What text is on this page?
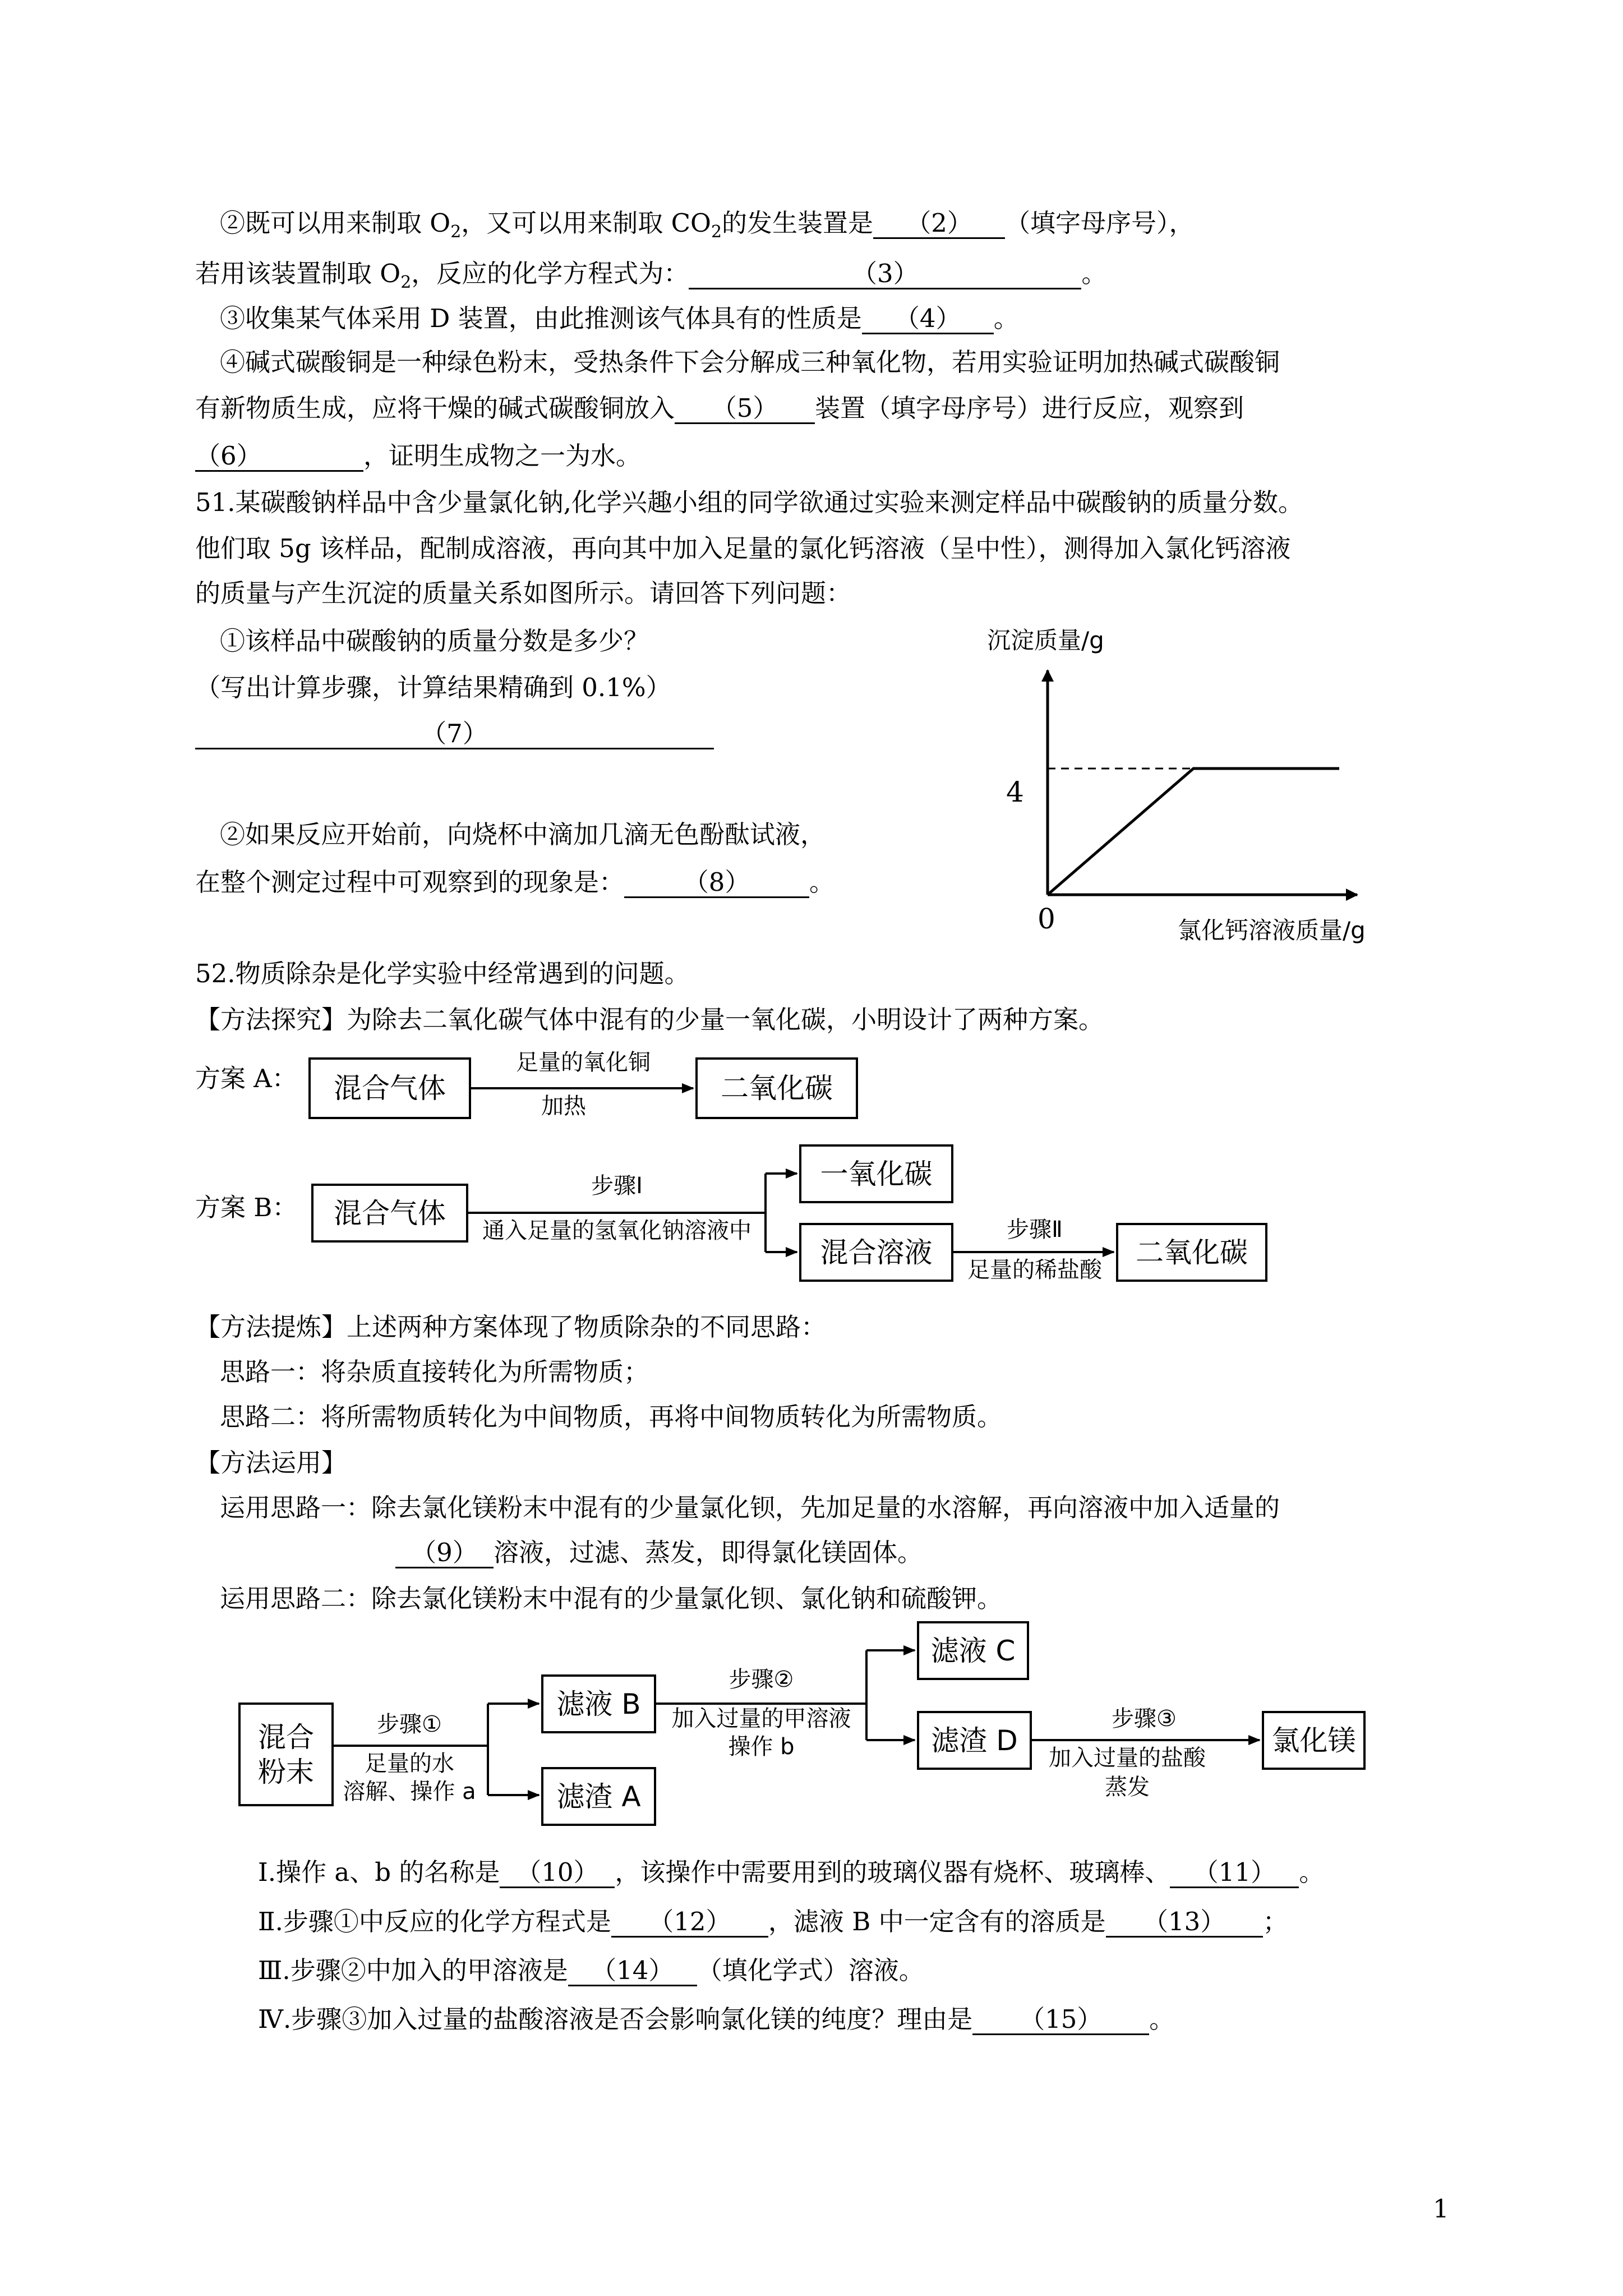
②既可以用来制取 $O_2$，又可以用来制取 $CO_2$的发生装置是 （2） （填字母序号），
若用该装置制取 $O_2$，反应的化学方程式为：	（3）	。
③收集某气体采用 D 装置，由此推测该气体具有的性质是 （4） 。
④碱式碳酸铜是一种绿色粉末，受热条件下会分解成三种氧化物，若用实验证明加热碱式碳酸铜
有新物质生成，应将干燥的碱式碳酸铜放入 （5） 装置（填字母序号）进行反应，观察到
（6）	，证明生成物之一为水。
51.某碳酸钠样品中含少量氯化钠,化学兴趣小组的同学欲通过实验来测定样品中碳酸钠的质量分数。
他们取 5g 该样品，配制成溶液，再向其中加入足量的氯化钙溶液（呈中性），测得加入氯化钙溶液
的质量与产生沉淀的质量关系如图所示。请回答下列问题：
①该样品中碳酸钠的质量分数是多少？
（写出计算步骤，计算结果精确到 0.1%）
（7）
②如果反应开始前，向烧杯中滴加几滴无色酚酞试液，
在整个测定过程中可观察到的现象是： （8） 。
沉淀质量/g
氯化钙溶液质量/g
0
4
52.物质除杂是化学实验中经常遇到的问题。
【方法探究】为除去二氧化碳气体中混有的少量一氧化碳，小明设计了两种方案。
方案 A：	混合气体
足量的氧化铜
加热
二氧化碳
方案 B：	混合气体
步骤Ⅰ
通入足量的氢氧化钠溶液中
一氧化碳
混合溶液
步骤Ⅱ
足量的稀盐酸
二氧化碳
【方法提炼】上述两种方案体现了物质除杂的不同思路：
思路一：将杂质直接转化为所需物质；
思路二：将所需物质转化为中间物质，再将中间物质转化为所需物质。
【方法运用】
运用思路一：除去氯化镁粉末中混有的少量氯化钡，先加足量的水溶解，再向溶液中加入适量的
（9） 溶液，过滤、蒸发，即得氯化镁固体。
运用思路二：除去氯化镁粉末中混有的少量氯化钡、氯化钠和硫酸钾。
混合
粉末
步骤①
足量的水
溶解、操作 a
滤液 B
滤渣 A
步骤②
加入过量的甲溶液
操作 b
滤液 C
滤渣 D
步骤③
加入过量的盐酸
蒸发
氯化镁
Ⅰ.操作 a、b 的名称是 （10） ，该操作中需要用到的玻璃仪器有烧杯、玻璃棒、 （11） 。
Ⅱ.步骤①中反应的化学方程式是 （12） ，滤液 B 中一定含有的溶质是 （13） ；
Ⅲ.步骤②中加入的甲溶液是 （14） （填化学式）溶液。
Ⅳ.步骤③加入过量的盐酸溶液是否会影响氯化镁的纯度？理由是 （15） 。
1
